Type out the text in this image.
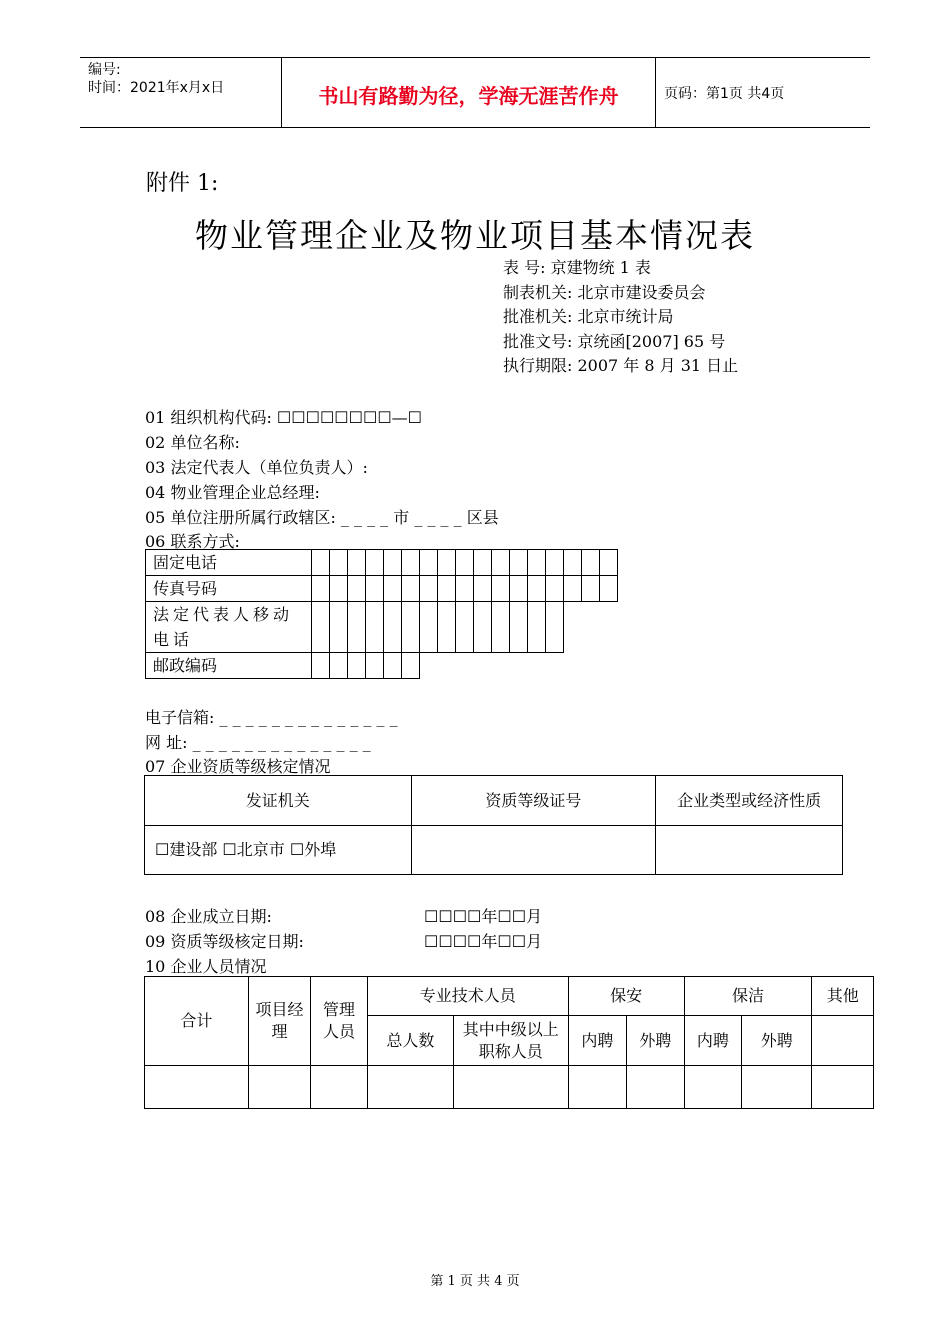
编号:
时间：2021年x月x日	书山有路勤为径，学海无涯苦作舟	页码：第1页 共4页
附件 1:
物业管理企业及物业项目基本情况表
表 号: 京建物统 1 表
制表机关: 北京市建设委员会
批准机关: 北京市统计局
批准文号: 京统函[2007] 65 号
执行期限: 2007 年 8 月 31 日止
01 组织机构代码: ☐☐☐☐☐☐☐☐—☐
02 单位名称:
03 法定代表人（单位负责人）:
04 物业管理企业总经理:
05 单位注册所属行政辖区: _ _ _ _ 市 _ _ _ _ 区县
06 联系方式:
固定电话																	
传真号码																	
法定代表人移动电话																	
邮政编码																	
电子信箱: _ _ _ _ _ _ _ _ _ _ _ _ _ _
网 址: _ _ _ _ _ _ _ _ _ _ _ _ _ _
07 企业资质等级核定情况
发证机关	资质等级证号	企业类型或经济性质
☐建设部 ☐北京市 ☐外埠		
08 企业成立日期:	☐☐☐☐年☐☐月
09 资质等级核定日期:	☐☐☐☐年☐☐月
10 企业人员情况
合计	项目经理	管理人员	专业技术人员		保安		保洁		其他
			总人数	其中中级以上职称人员	内聘	外聘	内聘	外聘	

第 1 页 共 4 页
